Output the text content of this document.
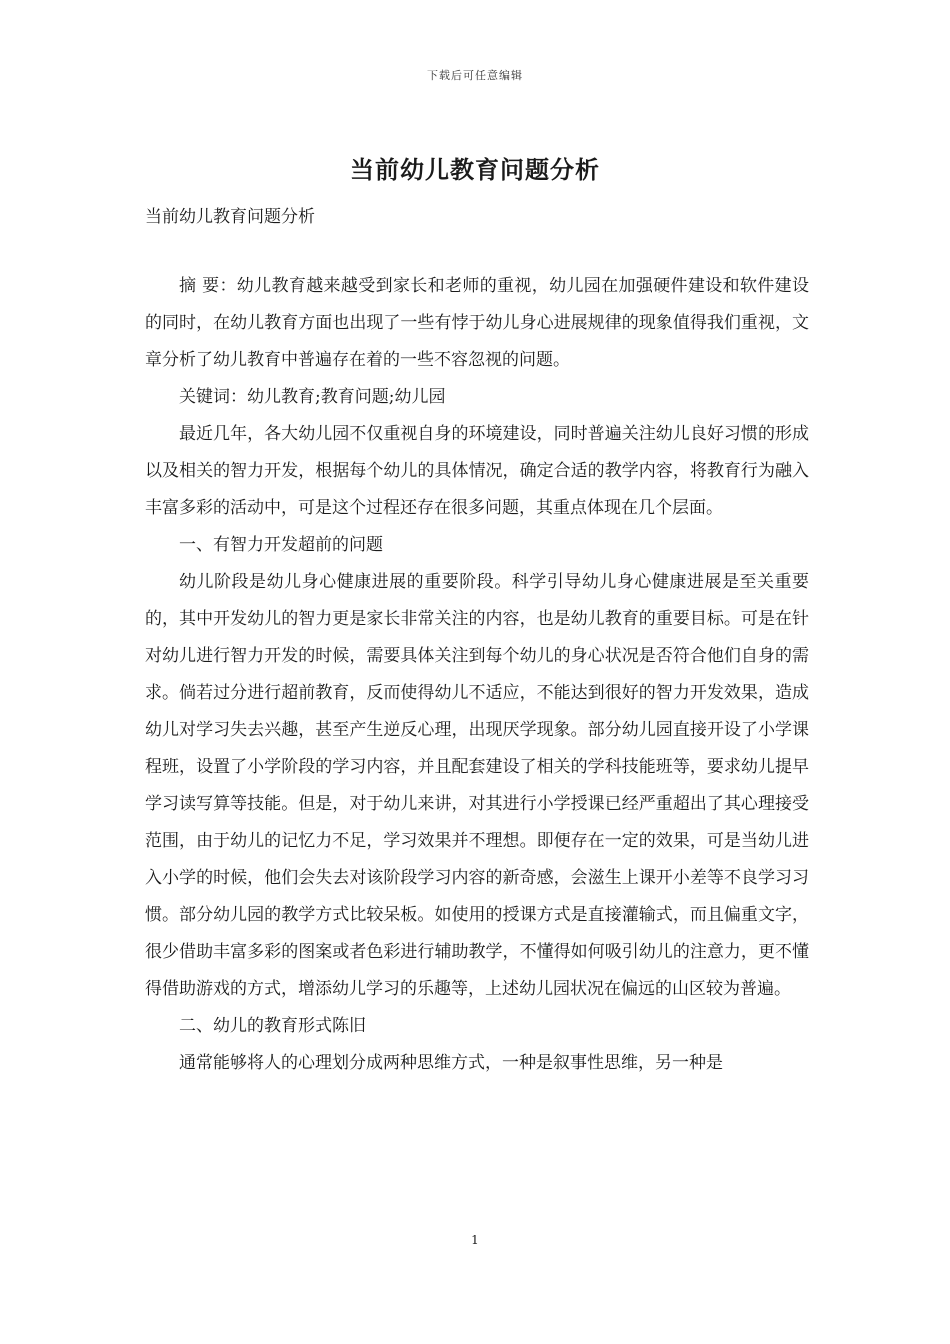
下载后可任意编辑
当前幼儿教育问题分析
当前幼儿教育问题分析

摘 要：幼儿教育越来越受到家长和老师的重视，幼儿园在加强硬件建设和软件建设的同时，在幼儿教育方面也出现了一些有悖于幼儿身心进展规律的现象值得我们重视，文章分析了幼儿教育中普遍存在着的一些不容忽视的问题。

关键词：幼儿教育;教育问题;幼儿园

最近几年，各大幼儿园不仅重视自身的环境建设，同时普遍关注幼儿良好习惯的形成以及相关的智力开发，根据每个幼儿的具体情况，确定合适的教学内容，将教育行为融入丰富多彩的活动中，可是这个过程还存在很多问题，其重点体现在几个层面。

一、有智力开发超前的问题

幼儿阶段是幼儿身心健康进展的重要阶段。科学引导幼儿身心健康进展是至关重要的，其中开发幼儿的智力更是家长非常关注的内容，也是幼儿教育的重要目标。可是在针对幼儿进行智力开发的时候，需要具体关注到每个幼儿的身心状况是否符合他们自身的需求。倘若过分进行超前教育，反而使得幼儿不适应，不能达到很好的智力开发效果，造成幼儿对学习失去兴趣，甚至产生逆反心理，出现厌学现象。部分幼儿园直接开设了小学课程班，设置了小学阶段的学习内容，并且配套建设了相关的学科技能班等，要求幼儿提早学习读写算等技能。但是，对于幼儿来讲，对其进行小学授课已经严重超出了其心理接受范围，由于幼儿的记忆力不足，学习效果并不理想。即便存在一定的效果，可是当幼儿进入小学的时候，他们会失去对该阶段学习内容的新奇感，会滋生上课开小差等不良学习习惯。部分幼儿园的教学方式比较呆板。如使用的授课方式是直接灌输式，而且偏重文字，很少借助丰富多彩的图案或者色彩进行辅助教学，不懂得如何吸引幼儿的注意力，更不懂得借助游戏的方式，增添幼儿学习的乐趣等，上述幼儿园状况在偏远的山区较为普遍。

二、幼儿的教育形式陈旧

通常能够将人的心理划分成两种思维方式，一种是叙事性思维，另一种是

1
